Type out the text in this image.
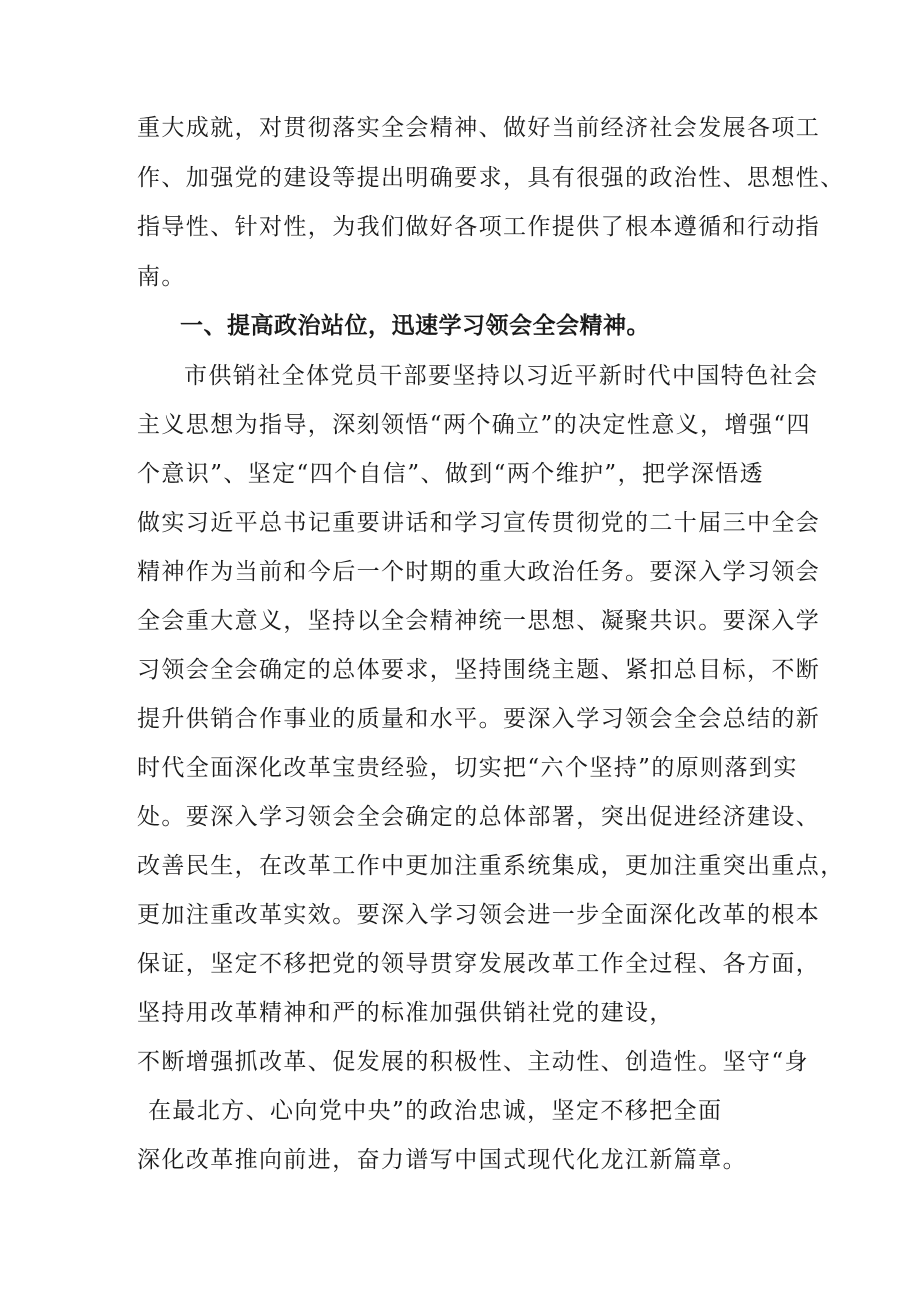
重大成就，对贯彻落实全会精神、做好当前经济社会发展各项工
作、加强党的建设等提出明确要求，具有很强的政治性、思想性、
指导性、针对性，为我们做好各项工作提供了根本遵循和行动指
南。
一、提高政治站位，迅速学习领会全会精神。
市供销社全体党员干部要坚持以习近平新时代中国特色社会
主义思想为指导，深刻领悟“两个确立”的决定性意义，增强“四
个意识”、坚定“四个自信”、做到“两个维护”，把学深悟透
做实习近平总书记重要讲话和学习宣传贯彻党的二十届三中全会
精神作为当前和今后一个时期的重大政治任务。要深入学习领会
全会重大意义，坚持以全会精神统一思想、凝聚共识。要深入学
习领会全会确定的总体要求，坚持围绕主题、紧扣总目标，不断
提升供销合作事业的质量和水平。要深入学习领会全会总结的新
时代全面深化改革宝贵经验，切实把“六个坚持”的原则落到实
处。要深入学习领会全会确定的总体部署，突出促进经济建设、
改善民生，在改革工作中更加注重系统集成，更加注重突出重点，
更加注重改革实效。要深入学习领会进一步全面深化改革的根本
保证，坚定不移把党的领导贯穿发展改革工作全过程、各方面，
坚持用改革精神和严的标准加强供销社党的建设，
不断增强抓改革、促发展的积极性、主动性、创造性。坚守“身
在最北方、心向党中央”的政治忠诚，坚定不移把全面
深化改革推向前进，奋力谱写中国式现代化龙江新篇章。
